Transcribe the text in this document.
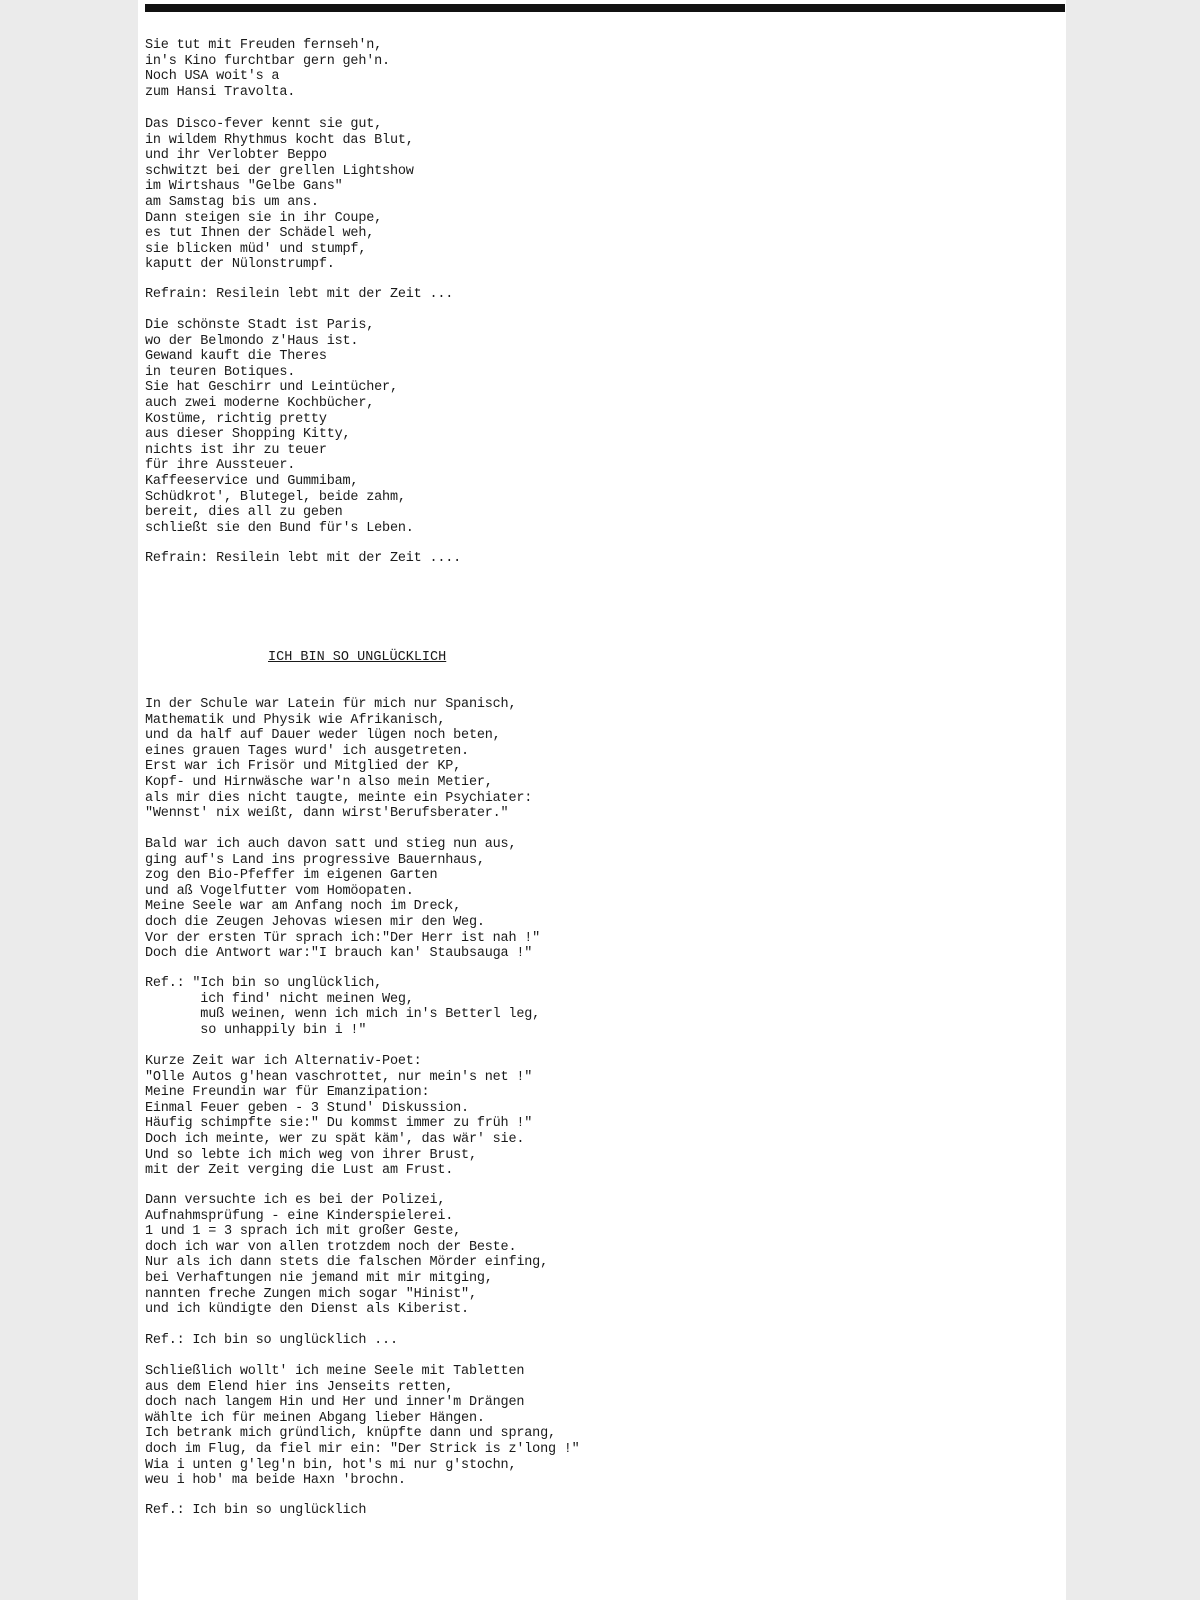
Sie tut mit Freuden fernseh'n,
in's Kino furchtbar gern geh'n.
Noch USA woit's a
zum Hansi Travolta.
Das Disco-fever kennt sie gut,
in wildem Rhythmus kocht das Blut,
und ihr Verlobter Beppo
schwitzt bei der grellen Lightshow
im Wirtshaus "Gelbe Gans"
am Samstag bis um ans.
Dann steigen sie in ihr Coupe,
es tut Ihnen der Schädel weh,
sie blicken müd' und stumpf,
kaputt der Nülonstrumpf.
Refrain: Resilein lebt mit der Zeit ...
Die schönste Stadt ist Paris,
wo der Belmondo z'Haus ist.
Gewand kauft die Theres
in teuren Botiques.
Sie hat Geschirr und Leintücher,
auch zwei moderne Kochbücher,
Kostüme, richtig pretty
aus dieser Shopping Kitty,
nichts ist ihr zu teuer
für ihre Aussteuer.
Kaffeeservice und Gummibam,
Schüdkrot', Blutegel, beide zahm,
bereit, dies all zu geben
schließt sie den Bund für's Leben.
Refrain: Resilein lebt mit der Zeit ....
ICH BIN SO UNGLÜCKLICH
In der Schule war Latein für mich nur Spanisch,
Mathematik und Physik wie Afrikanisch,
und da half auf Dauer weder lügen noch beten,
eines grauen Tages wurd' ich ausgetreten.
Erst war ich Frisör und Mitglied der KP,
Kopf- und Hirnwäsche war'n also mein Metier,
als mir dies nicht taugte, meinte ein Psychiater:
"Wennst' nix weißt, dann wirst'Berufsberater."
Bald war ich auch davon satt und stieg nun aus,
ging auf's Land ins progressive Bauernhaus,
zog den Bio-Pfeffer im eigenen Garten
und aß Vogelfutter vom Homöopaten.
Meine Seele war am Anfang noch im Dreck,
doch die Zeugen Jehovas wiesen mir den Weg.
Vor der ersten Tür sprach ich:"Der Herr ist nah !"
Doch die Antwort war:"I brauch kan' Staubsauga !"
Ref.: "Ich bin so unglücklich,
ich find' nicht meinen Weg,
muß weinen, wenn ich mich in's Betterl leg,
so unhappily bin i !"
Kurze Zeit war ich Alternativ-Poet:
"Olle Autos g'hean vaschrottet, nur mein's net !"
Meine Freundin war für Emanzipation:
Einmal Feuer geben - 3 Stund' Diskussion.
Häufig schimpfte sie:" Du kommst immer zu früh !"
Doch ich meinte, wer zu spät käm', das wär' sie.
Und so lebte ich mich weg von ihrer Brust,
mit der Zeit verging die Lust am Frust.
Dann versuchte ich es bei der Polizei,
Aufnahmsprüfung - eine Kinderspielerei.
1 und 1 = 3 sprach ich mit großer Geste,
doch ich war von allen trotzdem noch der Beste.
Nur als ich dann stets die falschen Mörder einfing,
bei Verhaftungen nie jemand mit mir mitging,
nannten freche Zungen mich sogar "Hinist",
und ich kündigte den Dienst als Kiberist.
Ref.: Ich bin so unglücklich ...
Schließlich wollt' ich meine Seele mit Tabletten
aus dem Elend hier ins Jenseits retten,
doch nach langem Hin und Her und inner'm Drängen
wählte ich für meinen Abgang lieber Hängen.
Ich betrank mich gründlich, knüpfte dann und sprang,
doch im Flug, da fiel mir ein: "Der Strick is z'long !"
Wia i unten g'leg'n bin, hot's mi nur g'stochn,
weu i hob' ma beide Haxn 'brochn.
Ref.: Ich bin so unglücklich
